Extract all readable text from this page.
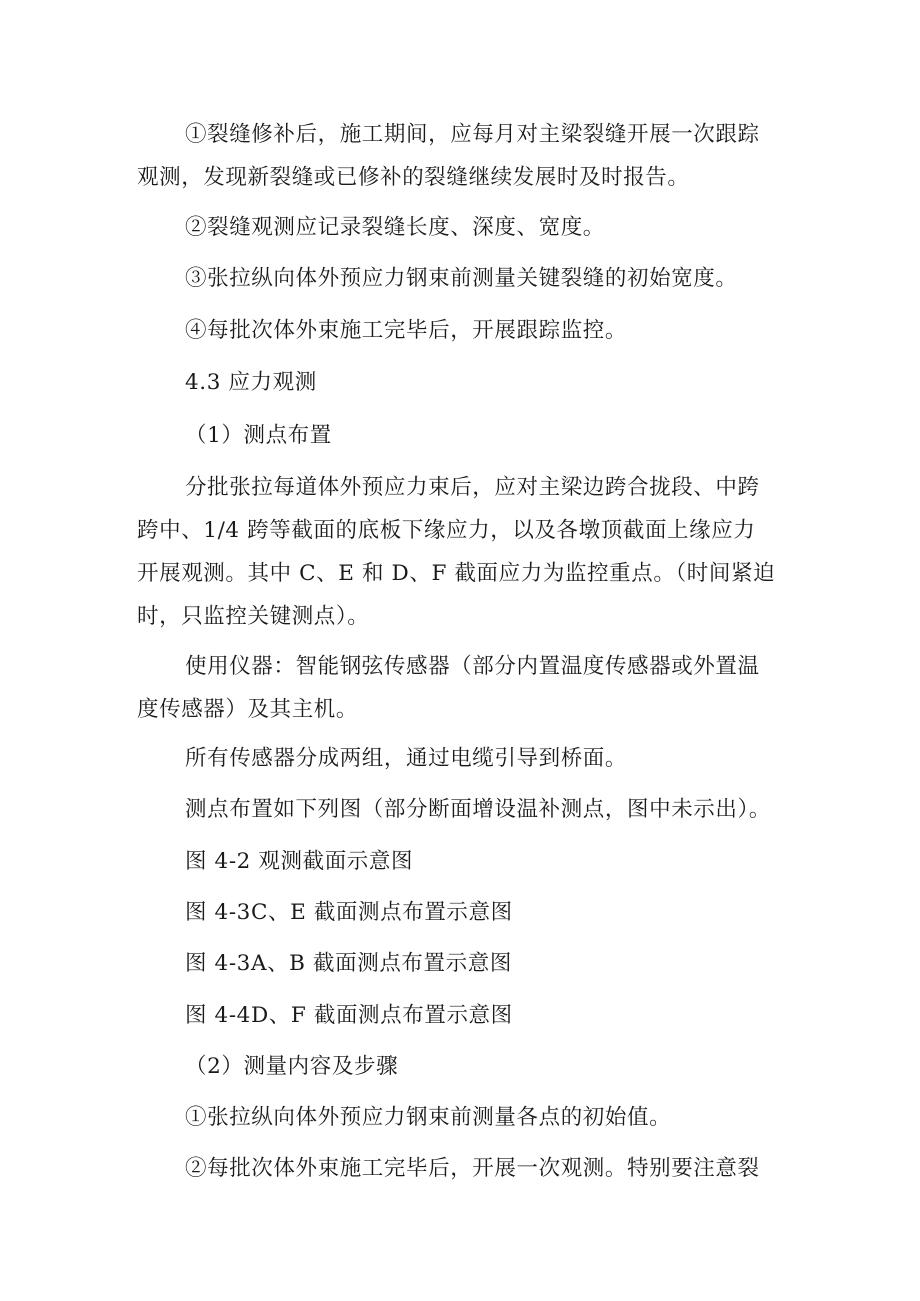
①裂缝修补后，施工期间，应每月对主梁裂缝开展一次跟踪
观测，发现新裂缝或已修补的裂缝继续发展时及时报告。
②裂缝观测应记录裂缝长度、深度、宽度。
③张拉纵向体外预应力钢束前测量关键裂缝的初始宽度。
④每批次体外束施工完毕后，开展跟踪监控。
4.3 应力观测
（1）测点布置
分批张拉每道体外预应力束后，应对主梁边跨合拢段、中跨
跨中、1/4 跨等截面的底板下缘应力，以及各墩顶截面上缘应力
开展观测。其中 C、E 和 D、F 截面应力为监控重点。（时间紧迫
时，只监控关键测点）。
使用仪器：智能钢弦传感器（部分内置温度传感器或外置温
度传感器）及其主机。
所有传感器分成两组，通过电缆引导到桥面。
测点布置如下列图（部分断面增设温补测点，图中未示出）。
图 4-2 观测截面示意图
图 4-3C、E 截面测点布置示意图
图 4-3A、B 截面测点布置示意图
图 4-4D、F 截面测点布置示意图
（2）测量内容及步骤
①张拉纵向体外预应力钢束前测量各点的初始值。
②每批次体外束施工完毕后，开展一次观测。特别要注意裂
